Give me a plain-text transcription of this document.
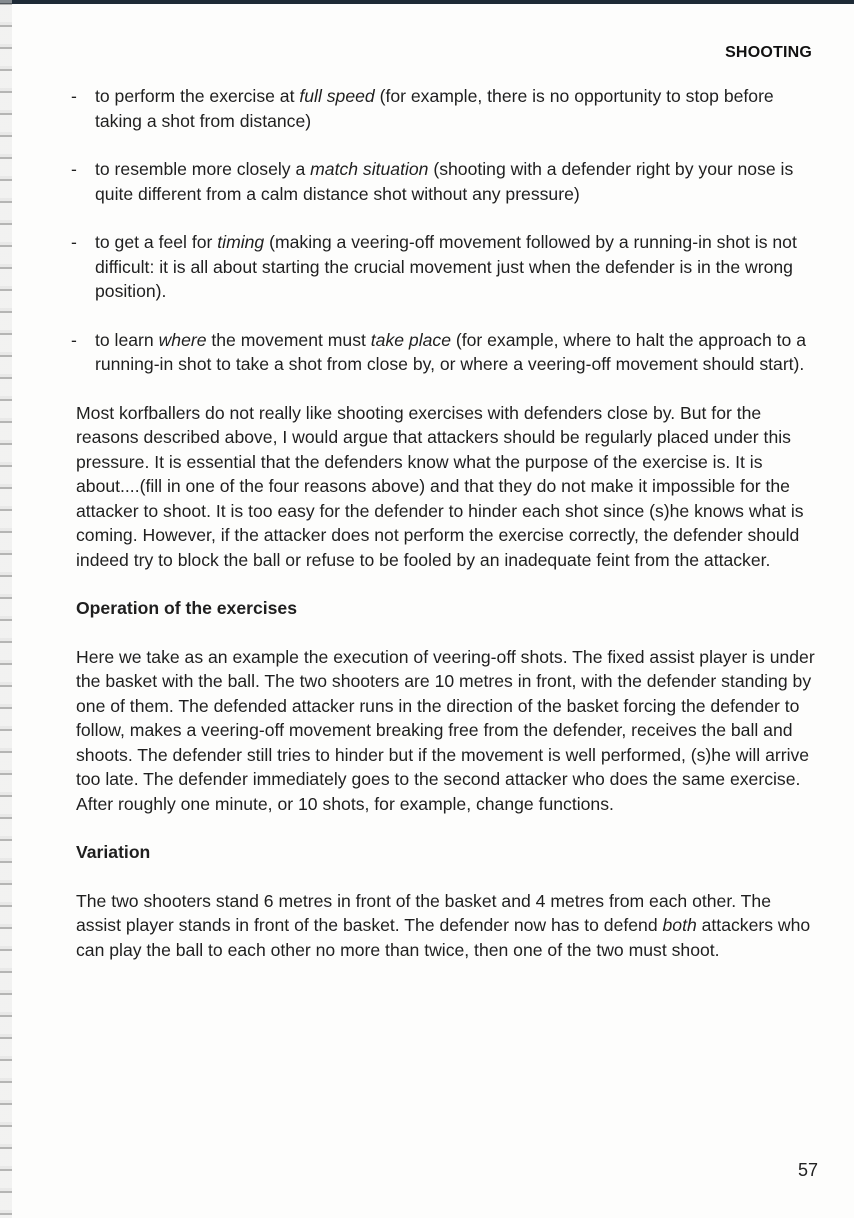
SHOOTING
- to perform the exercise at full speed (for example, there is no opportunity to stop before taking a shot from distance)
- to resemble more closely a match situation (shooting with a defender right by your nose is quite different from a calm distance shot without any pressure)
- to get a feel for timing (making a veering-off movement followed by a running-in shot is not difficult: it is all about starting the crucial movement just when the defender is in the wrong position).
- to learn where the movement must take place (for example, where to halt the approach to a running-in shot to take a shot from close by, or where a veering-off movement should start).

Most korfballers do not really like shooting exercises with defenders close by. But for the reasons described above, I would argue that attackers should be regularly placed under this pressure. It is essential that the defenders know what the purpose of the exercise is. It is about....(fill in one of the four reasons above) and that they do not make it impossible for the attacker to shoot. It is too easy for the defender to hinder each shot since (s)he knows what is coming. However, if the attacker does not perform the exercise correctly, the defender should indeed try to block the ball or refuse to be fooled by an inadequate feint from the attacker.

Operation of the exercises

Here we take as an example the execution of veering-off shots. The fixed assist player is under the basket with the ball. The two shooters are 10 metres in front, with the defender standing by one of them. The defended attacker runs in the direction of the basket forcing the defender to follow, makes a veering-off movement breaking free from the defender, receives the ball and shoots. The defender still tries to hinder but if the movement is well performed, (s)he will arrive too late. The defender immediately goes to the second attacker who does the same exercise. After roughly one minute, or 10 shots, for example, change functions.

Variation

The two shooters stand 6 metres in front of the basket and 4 metres from each other. The assist player stands in front of the basket. The defender now has to defend both attackers who can play the ball to each other no more than twice, then one of the two must shoot.

57
